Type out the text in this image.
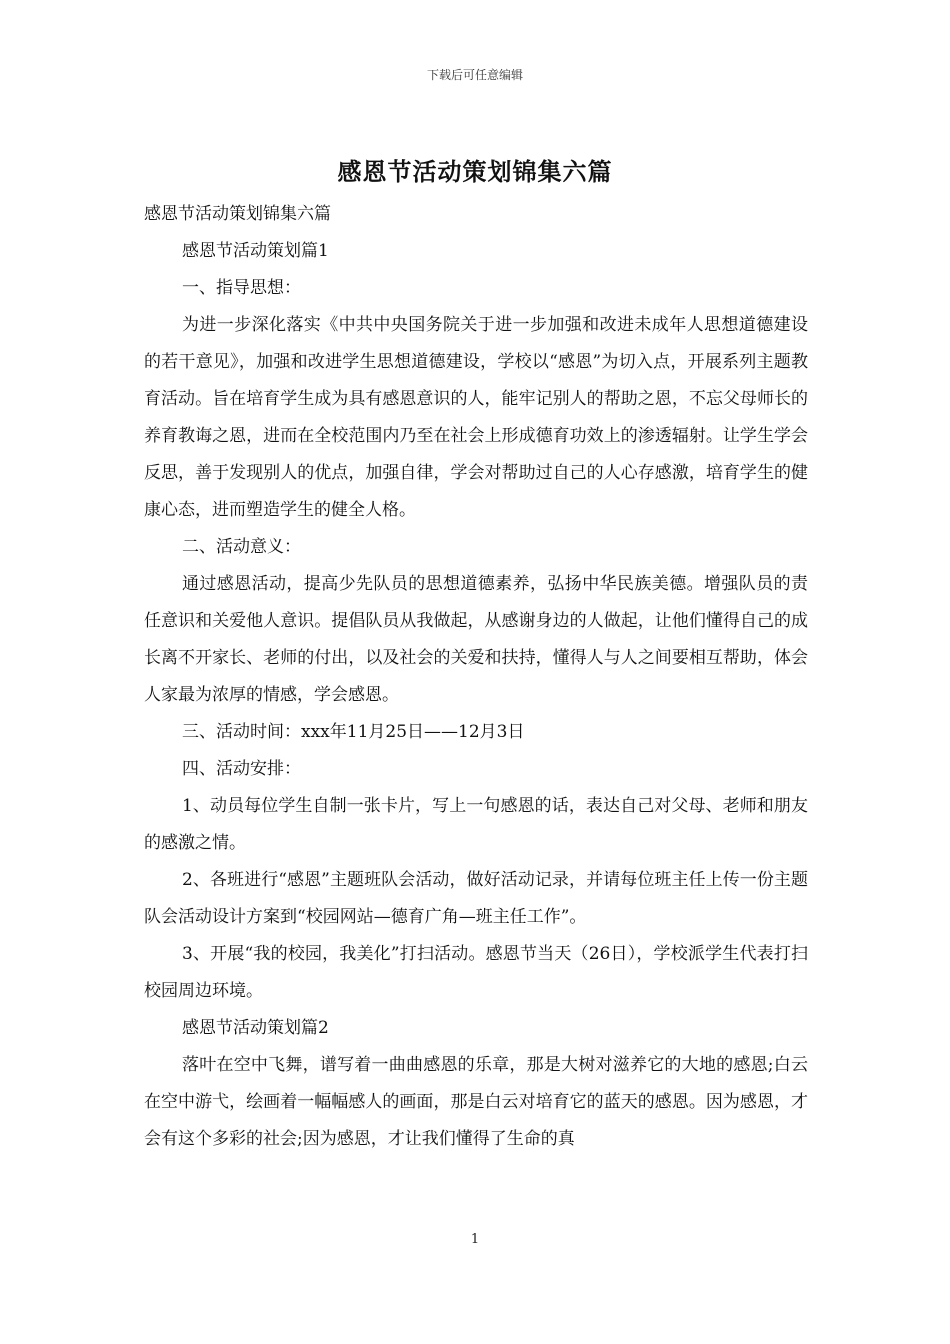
下载后可任意编辑
感恩节活动策划锦集六篇

感恩节活动策划锦集六篇

感恩节活动策划篇1

一、指导思想：

为进一步深化落实《中共中央国务院关于进一步加强和改进未成年人思想道德建设的若干意见》，加强和改进学生思想道德建设，学校以“感恩”为切入点，开展系列主题教育活动。旨在培育学生成为具有感恩意识的人，能牢记别人的帮助之恩，不忘父母师长的养育教诲之恩，进而在全校范围内乃至在社会上形成德育功效上的渗透辐射。让学生学会反思，善于发现别人的优点，加强自律，学会对帮助过自己的人心存感激，培育学生的健康心态，进而塑造学生的健全人格。

二、活动意义：

通过感恩活动，提高少先队员的思想道德素养，弘扬中华民族美德。增强队员的责任意识和关爱他人意识。提倡队员从我做起，从感谢身边的人做起，让他们懂得自己的成长离不开家长、老师的付出，以及社会的关爱和扶持，懂得人与人之间要相互帮助，体会人家最为浓厚的情感，学会感恩。

三、活动时间：xxx年11月25日——12月3日

四、活动安排：

1、动员每位学生自制一张卡片，写上一句感恩的话，表达自己对父母、老师和朋友的感激之情。

2、各班进行“感恩”主题班队会活动，做好活动记录，并请每位班主任上传一份主题队会活动设计方案到“校园网站—德育广角—班主任工作”。

3、开展“我的校园，我美化”打扫活动。感恩节当天（26日），学校派学生代表打扫校园周边环境。

感恩节活动策划篇2

落叶在空中飞舞，谱写着一曲曲感恩的乐章，那是大树对滋养它的大地的感恩;白云在空中游弋，绘画着一幅幅感人的画面，那是白云对培育它的蓝天的感恩。因为感恩，才会有这个多彩的社会;因为感恩，才让我们懂得了生命的真

1
